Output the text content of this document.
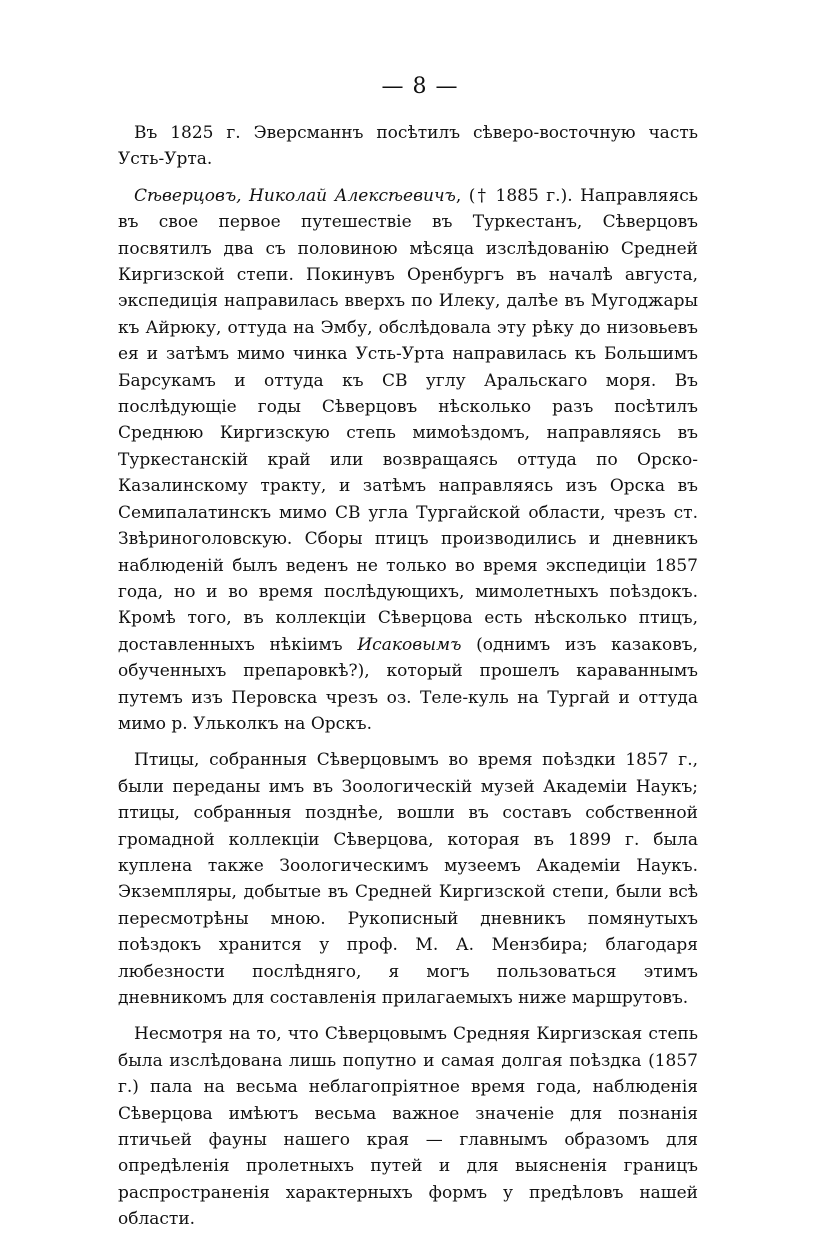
— 8 —

Въ 1825 г. Эверсманнъ посѣтилъ сѣверо-восточную часть Усть-Урта.

Сѣверцовъ, Николай Алексѣевичъ, († 1885 г.). Направляясь въ свое первое путешествіе въ Туркестанъ, Сѣверцовъ посвятилъ два съ половиною мѣсяца изслѣдованію Средней Киргизской степи. Покинувъ Оренбургъ въ началѣ августа, экспедиція направилась вверхъ по Илеку, далѣе въ Мугоджары къ Айрюку, оттуда на Эмбу, обслѣдовала эту рѣку до низовьевъ ея и затѣмъ мимо чинка Усть-Урта направилась къ Большимъ Барсукамъ и оттуда къ СВ углу Аральскаго моря. Въ послѣдующіе годы Сѣверцовъ нѣсколько разъ посѣтилъ Среднюю Киргизскую степь мимоѣздомъ, направляясь въ Туркестанскій край или возвращаясь оттуда по Орско-Казалинскому тракту, и затѣмъ направляясь изъ Орска въ Семипалатинскъ мимо СВ угла Тургайской области, чрезъ ст. Звѣриноголовскую. Сборы птицъ производились и дневникъ наблюденій былъ веденъ не только во время экспедиціи 1857 года, но и во время послѣдующихъ, мимолетныхъ поѣздокъ. Кромѣ того, въ коллекціи Сѣверцова есть нѣсколько птицъ, доставленныхъ нѣкіимъ Исаковымъ (однимъ изъ казаковъ, обученныхъ препаровкѣ?), который прошелъ караваннымъ путемъ изъ Перовска чрезъ оз. Теле-куль на Тургай и оттуда мимо р. Ульколкъ на Орскъ.

Птицы, собранныя Сѣверцовымъ во время поѣздки 1857 г., были переданы имъ въ Зоологическій музей Академіи Наукъ; птицы, собранныя позднѣе, вошли въ составъ собственной громадной коллекціи Сѣверцова, которая въ 1899 г. была куплена также Зоологическимъ музеемъ Академіи Наукъ. Экземпляры, добытые въ Средней Киргизской степи, были всѣ пересмотрѣны мною. Рукописный дневникъ помянутыхъ поѣздокъ хранится у проф. М. А. Мензбира; благодаря любезности послѣдняго, я могъ пользоваться этимъ дневникомъ для составленія прилагаемыхъ ниже маршрутовъ.

Несмотря на то, что Сѣверцовымъ Средняя Киргизская степь была изслѣдована лишь попутно и самая долгая поѣздка (1857 г.) пала на весьма неблагопріятное время года, наблюденія Сѣверцова имѣютъ весьма важное значеніе для познанія птичьей фауны нашего края — главнымъ образомъ для опредѣленія пролетныхъ путей и для выясненія границъ распространенія характерныхъ формъ у предѣловъ нашей области.
